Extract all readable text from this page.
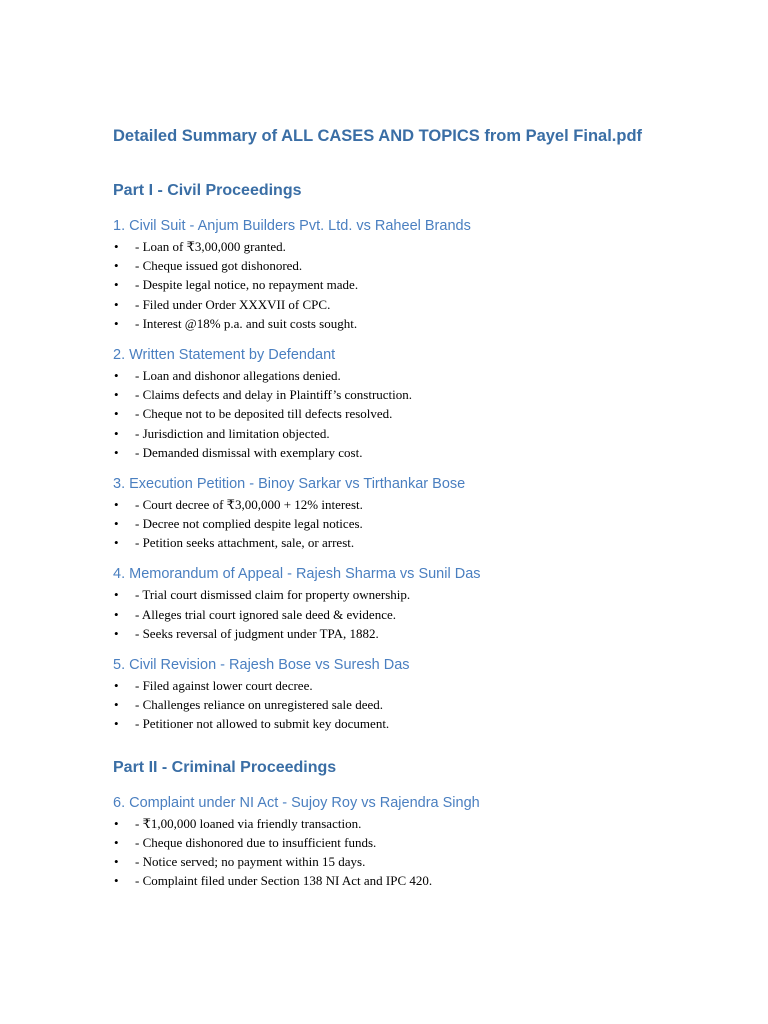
Detailed Summary of ALL CASES AND TOPICS from Payel Final.pdf
Part I - Civil Proceedings
1. Civil Suit - Anjum Builders Pvt. Ltd. vs Raheel Brands
• - Loan of ₹3,00,000 granted.
• - Cheque issued got dishonored.
• - Despite legal notice, no repayment made.
• - Filed under Order XXXVII of CPC.
• - Interest @18% p.a. and suit costs sought.
2. Written Statement by Defendant
• - Loan and dishonor allegations denied.
• - Claims defects and delay in Plaintiff’s construction.
• - Cheque not to be deposited till defects resolved.
• - Jurisdiction and limitation objected.
• - Demanded dismissal with exemplary cost.
3. Execution Petition - Binoy Sarkar vs Tirthankar Bose
• - Court decree of ₹3,00,000 + 12% interest.
• - Decree not complied despite legal notices.
• - Petition seeks attachment, sale, or arrest.
4. Memorandum of Appeal - Rajesh Sharma vs Sunil Das
• - Trial court dismissed claim for property ownership.
• - Alleges trial court ignored sale deed & evidence.
• - Seeks reversal of judgment under TPA, 1882.
5. Civil Revision - Rajesh Bose vs Suresh Das
• - Filed against lower court decree.
• - Challenges reliance on unregistered sale deed.
• - Petitioner not allowed to submit key document.
Part II - Criminal Proceedings
6. Complaint under NI Act - Sujoy Roy vs Rajendra Singh
• - ₹1,00,000 loaned via friendly transaction.
• - Cheque dishonored due to insufficient funds.
• - Notice served; no payment within 15 days.
• - Complaint filed under Section 138 NI Act and IPC 420.
